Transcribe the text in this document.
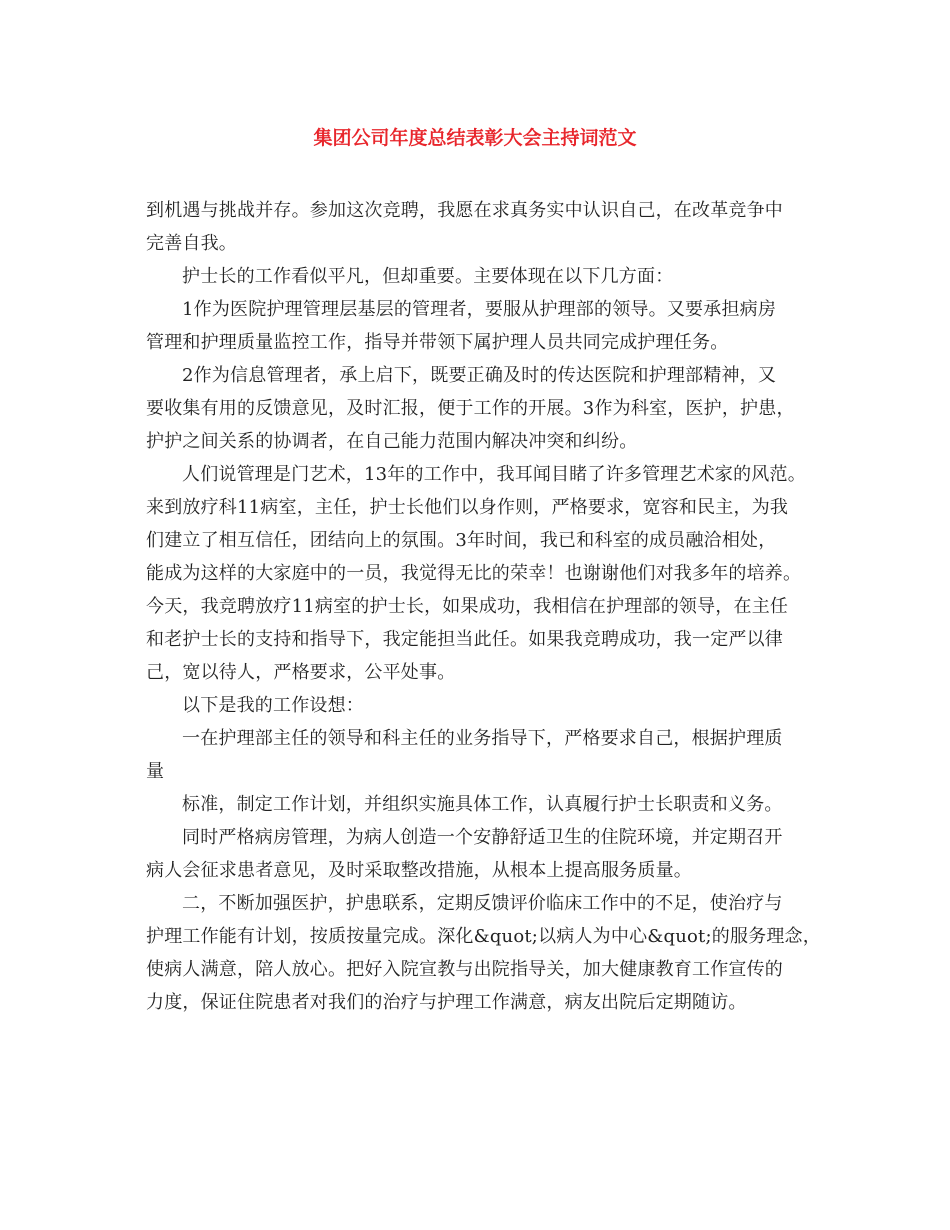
集团公司年度总结表彰大会主持词范文
到机遇与挑战并存。参加这次竞聘，我愿在求真务实中认识自己，在改革竞争中
完善自我。
护士长的工作看似平凡，但却重要。主要体现在以下几方面：
1作为医院护理管理层基层的管理者，要服从护理部的领导。又要承担病房
管理和护理质量监控工作，指导并带领下属护理人员共同完成护理任务。
2作为信息管理者，承上启下，既要正确及时的传达医院和护理部精神，又
要收集有用的反馈意见，及时汇报，便于工作的开展。3作为科室，医护，护患，
护护之间关系的协调者，在自己能力范围内解决冲突和纠纷。
人们说管理是门艺术，13年的工作中，我耳闻目睹了许多管理艺术家的风范。
来到放疗科11病室，主任，护士长他们以身作则，严格要求，宽容和民主，为我
们建立了相互信任，团结向上的氛围。3年时间，我已和科室的成员融洽相处，
能成为这样的大家庭中的一员，我觉得无比的荣幸！也谢谢他们对我多年的培养。
今天，我竞聘放疗11病室的护士长，如果成功，我相信在护理部的领导，在主任
和老护士长的支持和指导下，我定能担当此任。如果我竞聘成功，我一定严以律
己，宽以待人，严格要求，公平处事。
以下是我的工作设想：
一在护理部主任的领导和科主任的业务指导下，严格要求自己，根据护理质
量
标准，制定工作计划，并组织实施具体工作，认真履行护士长职责和义务。
同时严格病房管理，为病人创造一个安静舒适卫生的住院环境，并定期召开
病人会征求患者意见，及时采取整改措施，从根本上提高服务质量。
二，不断加强医护，护患联系，定期反馈评价临床工作中的不足，使治疗与
护理工作能有计划，按质按量完成。深化&quot;以病人为中心&quot;的服务理念，
使病人满意，陪人放心。把好入院宣教与出院指导关，加大健康教育工作宣传的
力度，保证住院患者对我们的治疗与护理工作满意，病友出院后定期随访。
